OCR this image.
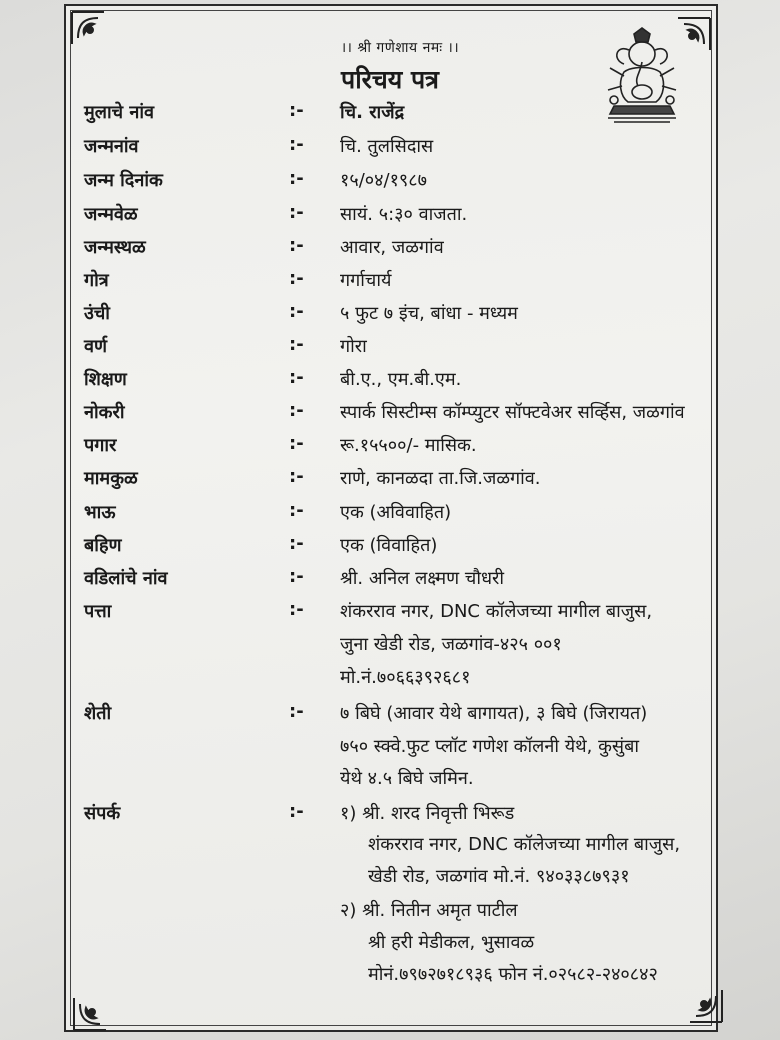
।। श्री गणेशाय नमः ।।
परिचय पत्र
मुलाचे नांव	:- चि. राजेंद्र
जन्मनांव	:- चि. तुलसिदास
जन्म दिनांक	:- १५/०४/१९८७
जन्मवेळ	:- सायं. ५:३० वाजता.
जन्मस्थळ	:- आवार, जळगांव
गोत्र	:- गर्गाचार्य
उंची	:- ५ फुट ७ इंच, बांधा - मध्यम
वर्ण	:- गोरा
शिक्षण	:- बी.ए., एम.बी.एम.
नोकरी	:- स्पार्क सिस्टीम्स कॉम्प्युटर सॉफ्टवेअर सर्व्हिस, जळगांव
पगार	:- रू.१५५००/- मासिक.
मामकुळ	:- राणे, कानळदा ता.जि.जळगांव.
भाऊ	:- एक (अविवाहित)
बहिण	:- एक (विवाहित)
वडिलांचे नांव	:- श्री. अनिल लक्ष्मण चौधरी
पत्ता	:- शंकरराव नगर, DNC कॉलेजच्या मागील बाजुस,
जुना खेडी रोड, जळगांव-४२५ ००१
मो.नं.७०६६३९२६८१
शेती	:- ७ बिघे (आवार येथे बागायत), ३ बिघे (जिरायत)
७५० स्क्वे.फुट प्लॉट गणेश कॉलनी येथे, कुसुंबा
येथे ४.५ बिघे जमिन.
संपर्क	:- १) श्री. शरद निवृत्ती भिरूड
शंकरराव नगर, DNC कॉलेजच्या मागील बाजुस,
खेडी रोड, जळगांव मो.नं. ९४०३३८७९३१
२) श्री. नितीन अमृत पाटील
श्री हरी मेडीकल, भुसावळ
मोनं.७९७२७१८९३६ फोन नं.०२५८२-२४०८४२
